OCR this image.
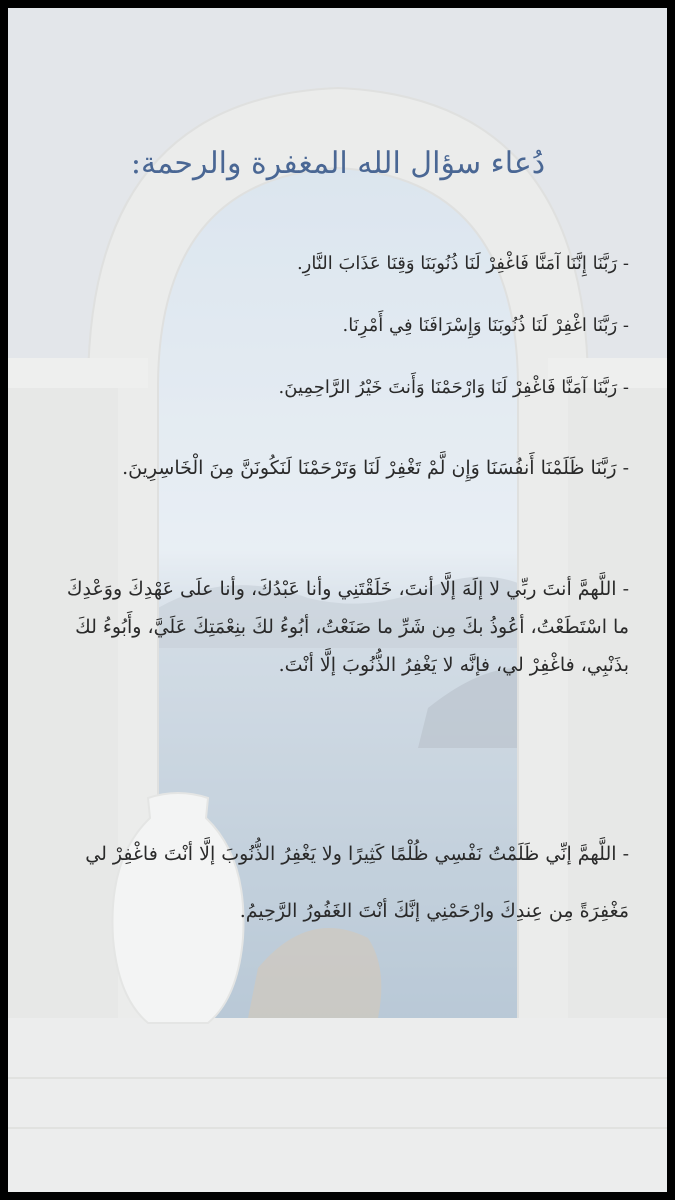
دُعاء سؤال الله المغفرة والرحمة:
- رَبَّنَا إِنَّنَا آمَنَّا فَاغْفِرْ لَنَا ذُنُوبَنَا وَقِنَا عَذَابَ النَّارِ.
- رَبَّنَا اغْفِرْ لَنَا ذُنُوبَنَا وَإِسْرَافَنَا فِي أَمْرِنَا.
- رَبَّنَا آمَنَّا فَاغْفِرْ لَنَا وَارْحَمْنَا وَأَنتَ خَيْرُ الرَّاحِمِينَ.
- رَبَّنَا ظَلَمْنَا أَنفُسَنَا وَإِن لَّمْ تَغْفِرْ لَنَا وَتَرْحَمْنَا لَنَكُونَنَّ مِنَ الْخَاسِرِينَ.
- اللَّهمَّ أنتَ ربِّي لا إلَهَ إلَّا أنتَ، خَلَقْتَنِي وأنا عَبْدُكَ، وأنا علَى عَهْدِكَ ووَعْدِكَ ما اسْتَطَعْتُ، أعُوذُ بكَ مِن شَرِّ ما صَنَعْتُ، أبُوءُ لكَ بنِعْمَتِكَ عَلَيَّ، وأَبُوءُ لكَ بذَنْبِي، فاغْفِرْ لي، فإنَّه لا يَغْفِرُ الذُّنُوبَ إلَّا أنْتَ.
- اللَّهمَّ إنِّي ظَلَمْتُ نَفْسِي ظُلْمًا كَثِيرًا ولا يَغْفِرُ الذُّنُوبَ إلَّا أنْتَ فاغْفِرْ لي مَغْفِرَةً مِن عِندِكَ وارْحَمْنِي إنَّكَ أنْتَ الغَفُورُ الرَّحِيمُ.
